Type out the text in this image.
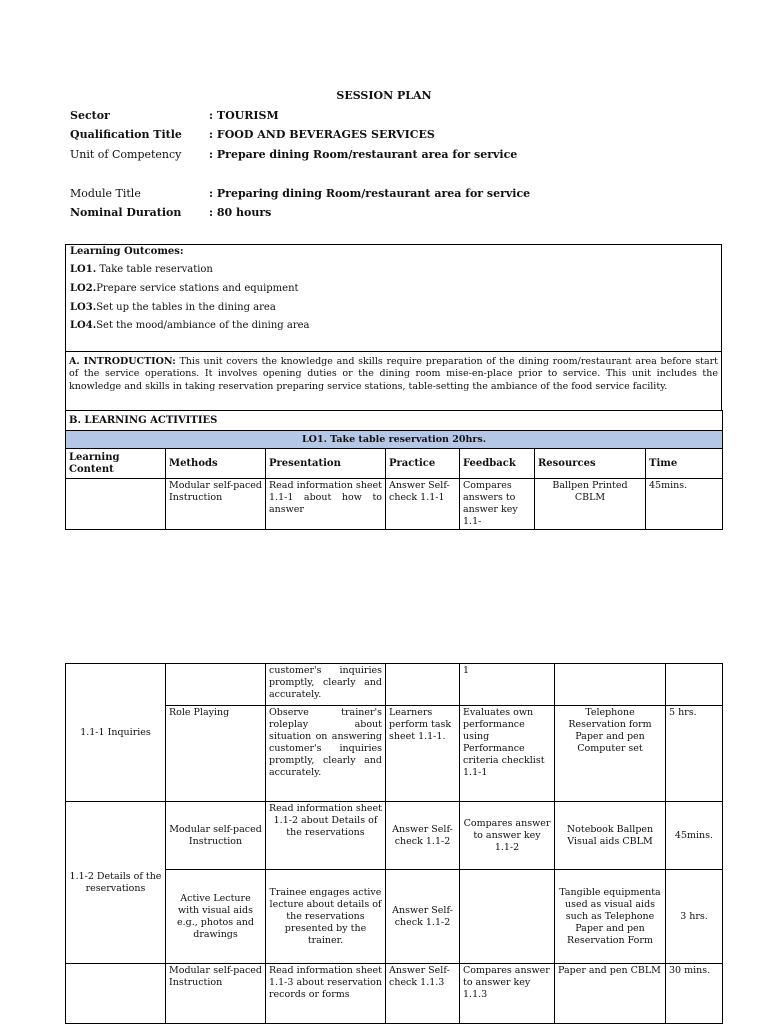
SESSION PLAN
Sector	: TOURISM
Qualification Title : FOOD AND BEVERAGES SERVICES
Unit of Competency	: Prepare dining Room/restaurant area for service
Module Title	: Preparing dining Room/restaurant area for service
Nominal Duration	: 80 hours
Learning Outcomes:
LO1. Take table reservation
LO2.Prepare service stations and equipment
LO3.Set up the tables in the dining area
LO4.Set the mood/ambiance of the dining area
A. INTRODUCTION: This unit covers the knowledge and skills require preparation of the dining room/restaurant area before start of the service operations. It involves opening duties or the dining room mise-en-place prior to service. This unit includes the knowledge and skills in taking reservation preparing service stations, table-setting the ambiance of the food service facility.
B. LEARNING ACTIVITIES						
LO1. Take table reservation 20hrs.						
Learning Content	Methods	Presentation	Practice	Feedback	Resources	Time
	Modular self-paced Instruction	Read information sheet 1.1-1 about how to answer	Answer Self-check 1.1-1	Compares answers to answer key 1.1-	Ballpen Printed CBLM	45mins.
1.1-1 Inquiries		customer's inquiries promptly, clearly and accurately.		1		
	Role Playing	Observe trainer's roleplay about situation on answering customer's inquiries promptly, clearly and accurately.	Learners perform task sheet 1.1-1.	Evaluates own performance using Performance criteria checklist 1.1-1	Telephone Reservation form Paper and pen Computer set	5 hrs.
1.1-2 Details of the reservations	Modular self-paced Instruction	Read information sheet 1.1-2 about Details of the reservations	Answer Self-check 1.1-2	Compares answer to answer key 1.1-2	Notebook Ballpen Visual aids CBLM	45mins.
	Active Lecture with visual aids e.g., photos and drawings	Trainee engages active lecture about details of the reservations presented by the trainer.	Answer Self-check 1.1-2		Tangible equipmenta used as visual aids such as Telephone Paper and pen Reservation Form	3 hrs.
	Modular self-paced Instruction	Read information sheet 1.1-3 about reservation records or forms	Answer Self-check 1.1.3	Compares answer to answer key 1.1.3	Paper and pen CBLM	30 mins.
